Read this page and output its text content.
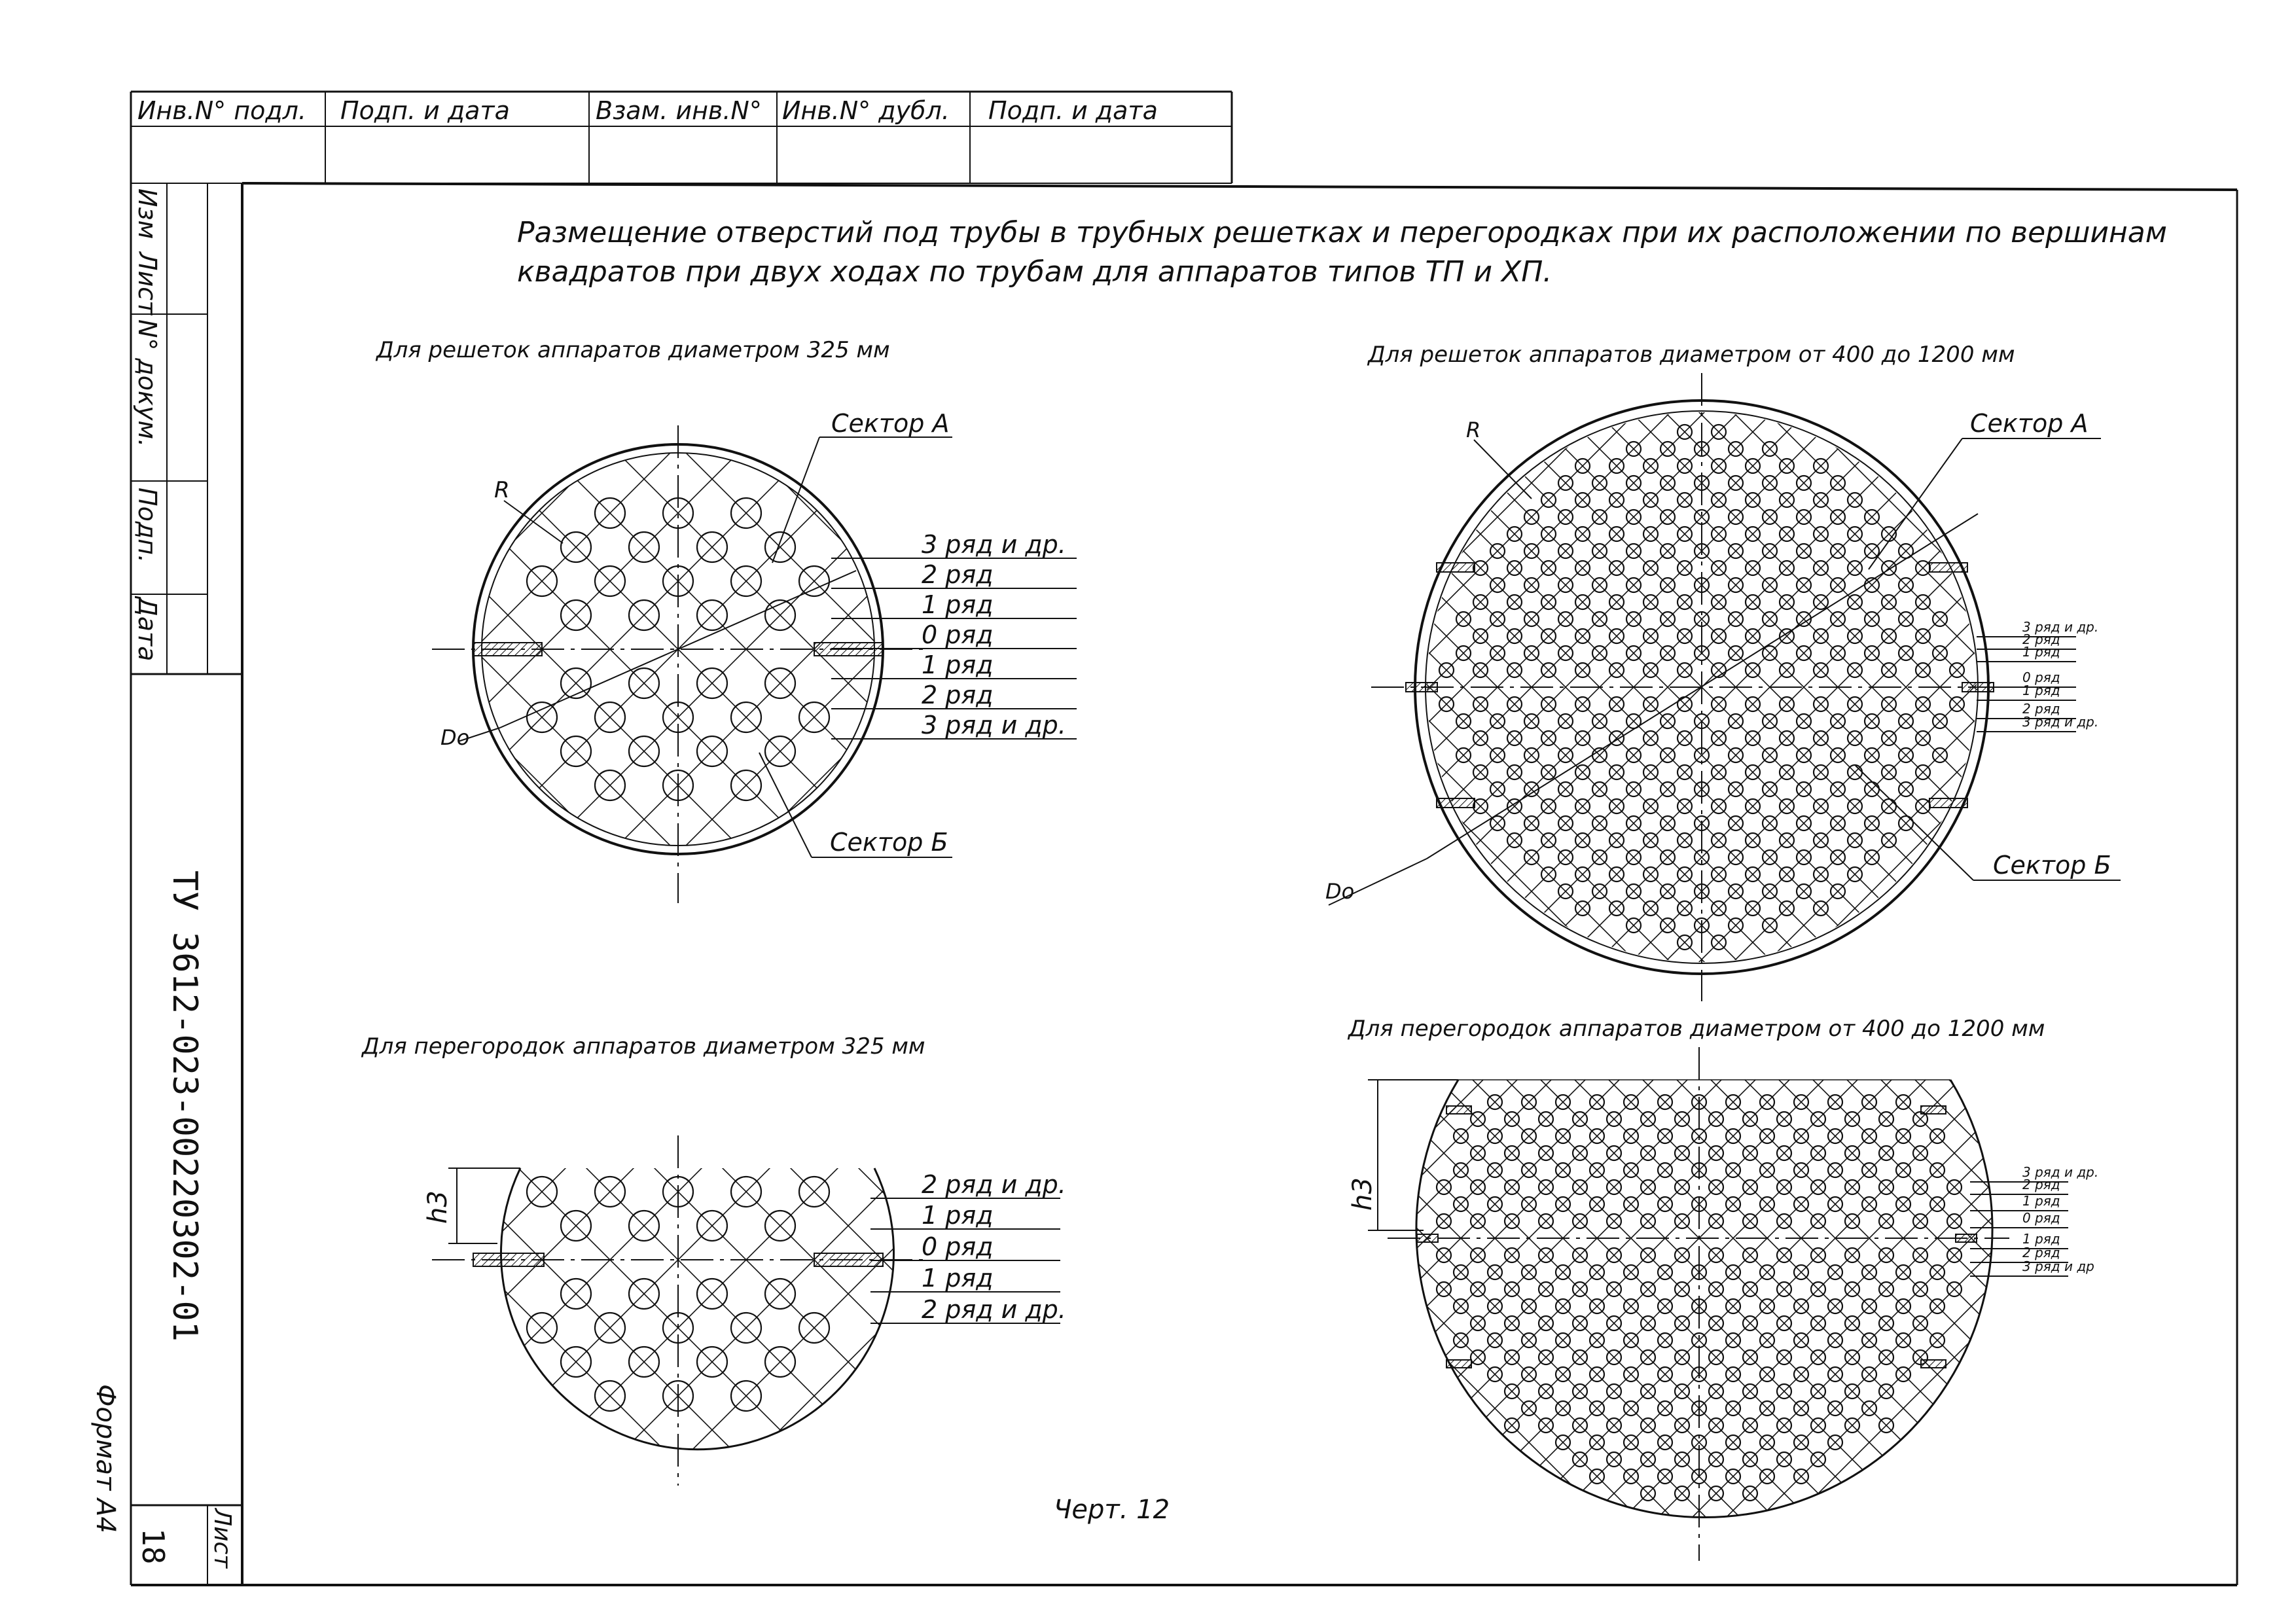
Инв.N° подл. Подп. и дата	Взам. инв.N° Инв.N° дубл. Подп. и дата
Изм
Лист
N° докум.
Подп.
Дата
ТУ 3612-023-00220302-01
Формат А4
18 Лист
Размещение отверстий под трубы в трубных решетках и перегородках при их расположении по вершинам
квадратов при двух ходах по трубам для аппаратов типов ТП и ХП.
Для решеток аппаратов диаметром 325 мм
Do
R
Сектор А
Сектор Б
3 ряд и др.
2 ряд
1 ряд
0 ряд
1 ряд
2 ряд
3 ряд и др.
Для решеток аппаратов диаметром от 400 до 1200 мм
Do
R	Сектор А
Сектор Б
3 ряд и др.
2 ряд
1 ряд
0 ряд
1 ряд
2 ряд
3 ряд и др.
Для перегородок аппаратов диаметром 325 мм
h3
2 ряд и др.
1 ряд
0 ряд
1 ряд
2 ряд и др.
Для перегородок аппаратов диаметром от 400 до 1200 мм
h3
3 ряд и др.
2 ряд
1 ряд
0 ряд
1 ряд
2 ряд
3 ряд и др
Черт. 12
